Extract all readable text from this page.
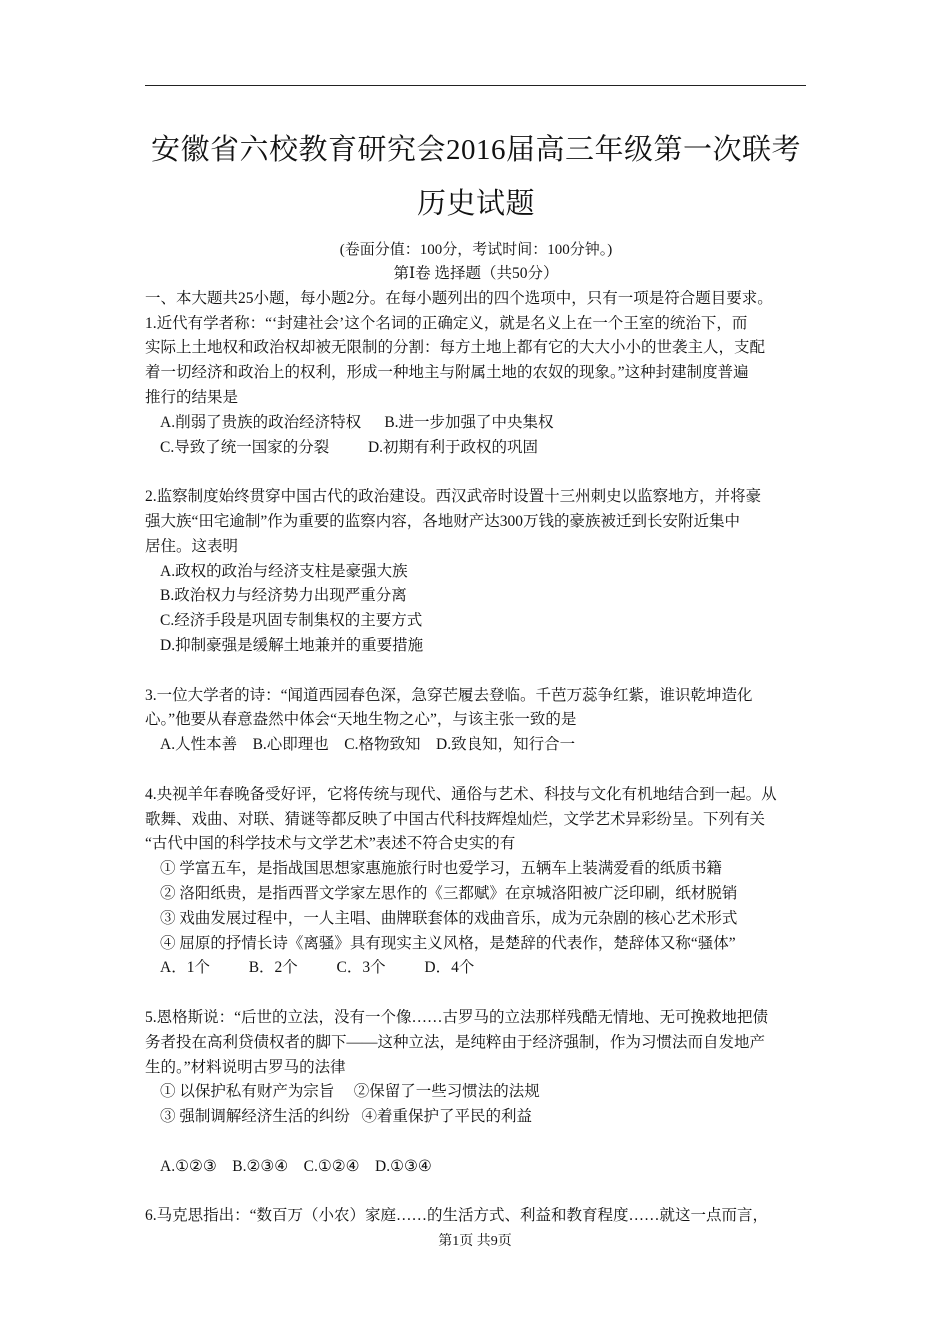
安徽省六校教育研究会2016届高三年级第一次联考
历史试题
(卷面分值：100分，考试时间：100分钟。)
第Ⅰ卷 选择题（共50分）
一、本大题共25小题，每小题2分。在每小题列出的四个选项中，只有一项是符合题目要求。
1.近代有学者称：“‘封建社会’这个名词的正确定义，就是名义上在一个王室的统治下，而
实际上土地权和政治权却被无限制的分割：每方土地上都有它的大大小小的世袭主人，支配
着一切经济和政治上的权利，形成一种地主与附属土地的农奴的现象。”这种封建制度普遍
推行的结果是
A.削弱了贵族的政治经济特权      B.进一步加强了中央集权
C.导致了统一国家的分裂          D.初期有利于政权的巩固
2.监察制度始终贯穿中国古代的政治建设。西汉武帝时设置十三州刺史以监察地方，并将豪
强大族“田宅逾制”作为重要的监察内容，各地财产达300万钱的豪族被迁到长安附近集中
居住。这表明
A.政权的政治与经济支柱是豪强大族
B.政治权力与经济势力出现严重分离
C.经济手段是巩固专制集权的主要方式
D.抑制豪强是缓解土地兼并的重要措施
3.一位大学者的诗：“闻道西园春色深，急穿芒履去登临。千芭万蕊争红紫，谁识乾坤造化
心。”他要从春意盎然中体会“天地生物之心”，与该主张一致的是
A.人性本善    B.心即理也    C.格物致知    D.致良知，知行合一
4.央视羊年春晚备受好评，它将传统与现代、通俗与艺术、科技与文化有机地结合到一起。从
歌舞、戏曲、对联、猜谜等都反映了中国古代科技辉煌灿烂，文学艺术异彩纷呈。下列有关
“古代中国的科学技术与文学艺术”表述不符合史实的有
① 学富五车，是指战国思想家惠施旅行时也爱学习，五辆车上装满爱看的纸质书籍
② 洛阳纸贵，是指西晋文学家左思作的《三都赋》在京城洛阳被广泛印刷，纸材脱销
③ 戏曲发展过程中，一人主唱、曲牌联套体的戏曲音乐，成为元杂剧的核心艺术形式
④ 屈原的抒情长诗《离骚》具有现实主义风格，是楚辞的代表作，楚辞体又称“骚体”
A．1个          B．2个          C．3个          D．4个
5.恩格斯说：“后世的立法，没有一个像……古罗马的立法那样残酷无情地、无可挽救地把债
务者投在高利贷债权者的脚下——这种立法，是纯粹由于经济强制，作为习惯法而自发地产
生的。”材料说明古罗马的法律
① 以保护私有财产为宗旨     ②保留了一些习惯法的法规
③ 强制调解经济生活的纠纷   ④着重保护了平民的利益
A.①②③    B.②③④    C.①②④    D.①③④
6.马克思指出：“数百万（小农）家庭……的生活方式、利益和教育程度……就这一点而言，
第1页 共9页
